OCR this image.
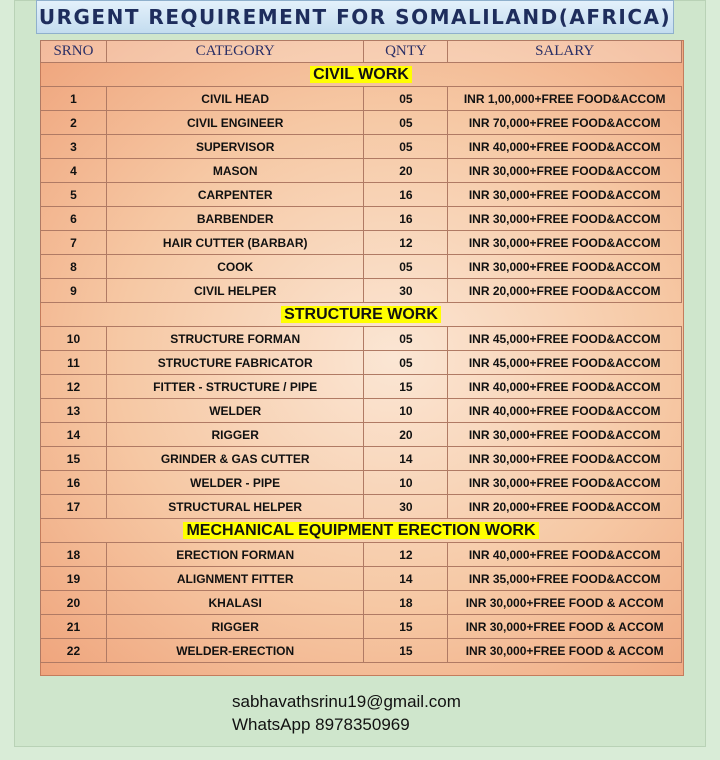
URGENT REQUIREMENT FOR SOMALILAND(AFRICA)
SRNO	CATEGORY	QNTY	SALARY
CIVIL WORK			
1	CIVIL HEAD	05	INR 1,00,000+FREE FOOD&ACCOM
2	CIVIL ENGINEER	05	INR 70,000+FREE FOOD&ACCOM
3	SUPERVISOR	05	INR 40,000+FREE FOOD&ACCOM
4	MASON	20	INR 30,000+FREE FOOD&ACCOM
5	CARPENTER	16	INR 30,000+FREE FOOD&ACCOM
6	BARBENDER	16	INR 30,000+FREE FOOD&ACCOM
7	HAIR CUTTER (BARBAR)	12	INR 30,000+FREE FOOD&ACCOM
8	COOK	05	INR 30,000+FREE FOOD&ACCOM
9	CIVIL HELPER	30	INR 20,000+FREE FOOD&ACCOM
STRUCTURE WORK			
10	STRUCTURE FORMAN	05	INR 45,000+FREE FOOD&ACCOM
11	STRUCTURE FABRICATOR	05	INR 45,000+FREE FOOD&ACCOM
12	FITTER - STRUCTURE / PIPE	15	INR 40,000+FREE FOOD&ACCOM
13	WELDER	10	INR 40,000+FREE FOOD&ACCOM
14	RIGGER	20	INR 30,000+FREE FOOD&ACCOM
15	GRINDER & GAS CUTTER	14	INR 30,000+FREE FOOD&ACCOM
16	WELDER - PIPE	10	INR 30,000+FREE FOOD&ACCOM
17	STRUCTURAL HELPER	30	INR 20,000+FREE FOOD&ACCOM
MECHANICAL EQUIPMENT ERECTION WORK			
18	ERECTION FORMAN	12	INR 40,000+FREE FOOD&ACCOM
19	ALIGNMENT FITTER	14	INR 35,000+FREE FOOD&ACCOM
20	KHALASI	18	INR 30,000+FREE FOOD & ACCOM
21	RIGGER	15	INR 30,000+FREE FOOD & ACCOM
22	WELDER-ERECTION	15	INR 30,000+FREE FOOD & ACCOM
sabhavathsrinu19@gmail.com
WhatsApp 8978350969
